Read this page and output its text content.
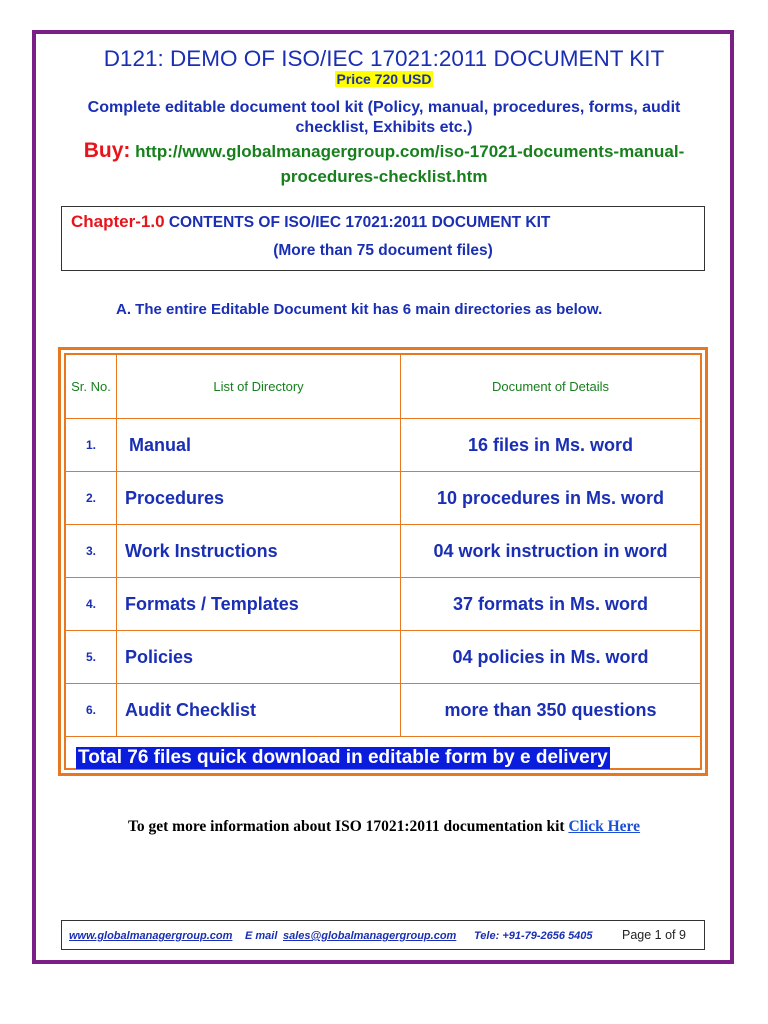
D121: DEMO OF ISO/IEC 17021:2011 DOCUMENT KIT
Price 720 USD
Complete editable document tool kit (Policy, manual, procedures, forms, audit checklist, Exhibits etc.)
Buy: http://www.globalmanagergroup.com/iso-17021-documents-manual-procedures-checklist.htm
Chapter-1.0 CONTENTS OF ISO/IEC 17021:2011 DOCUMENT KIT
(More than 75 document files)
A. The entire Editable Document kit has 6 main directories as below.
Sr. No.	List of Directory	Document of Details
1.	Manual	16 files in Ms. word
2.	Procedures	10 procedures in Ms. word
3.	Work Instructions	04 work instruction in word
4.	Formats / Templates	37 formats in Ms. word
5.	Policies	04 policies in Ms. word
6.	Audit Checklist	more than 350 questions
Total 76 files quick download in editable form by e delivery
To get more information about ISO 17021:2011 documentation kit Click Here
www.globalmanagergroup.com E mail sales@globalmanagergroup.com Tele: +91-79-2656 5405 Page 1 of 9
